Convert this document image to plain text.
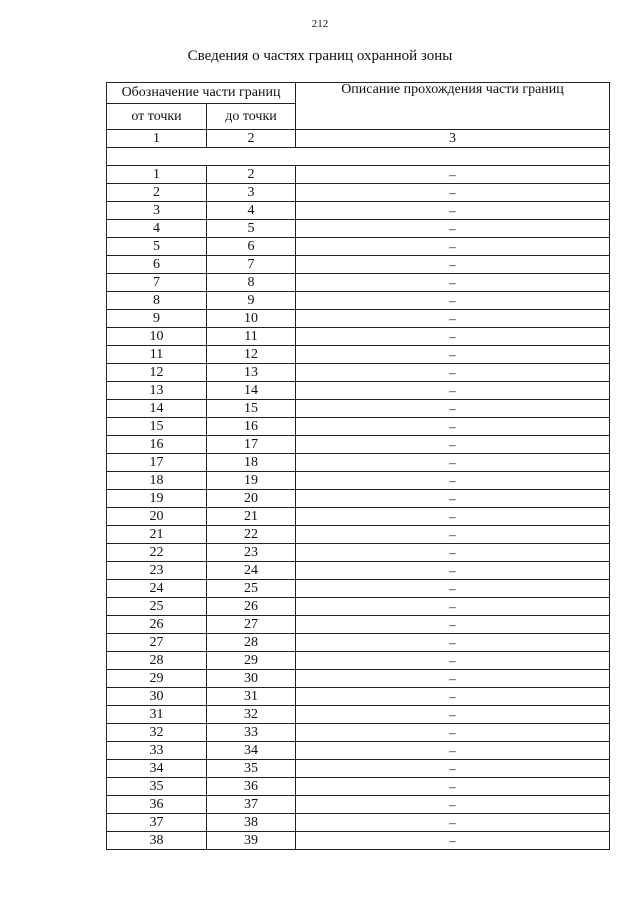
212
Сведения о частях границ охранной зоны
Обозначение части границ		Описание прохождения части границ
от точки	до точки	
1	2	3

1	2	–
2	3	–
3	4	–
4	5	–
5	6	–
6	7	–
7	8	–
8	9	–
9	10	–
10	11	–
11	12	–
12	13	–
13	14	–
14	15	–
15	16	–
16	17	–
17	18	–
18	19	–
19	20	–
20	21	–
21	22	–
22	23	–
23	24	–
24	25	–
25	26	–
26	27	–
27	28	–
28	29	–
29	30	–
30	31	–
31	32	–
32	33	–
33	34	–
34	35	–
35	36	–
36	37	–
37	38	–
38	39	–
